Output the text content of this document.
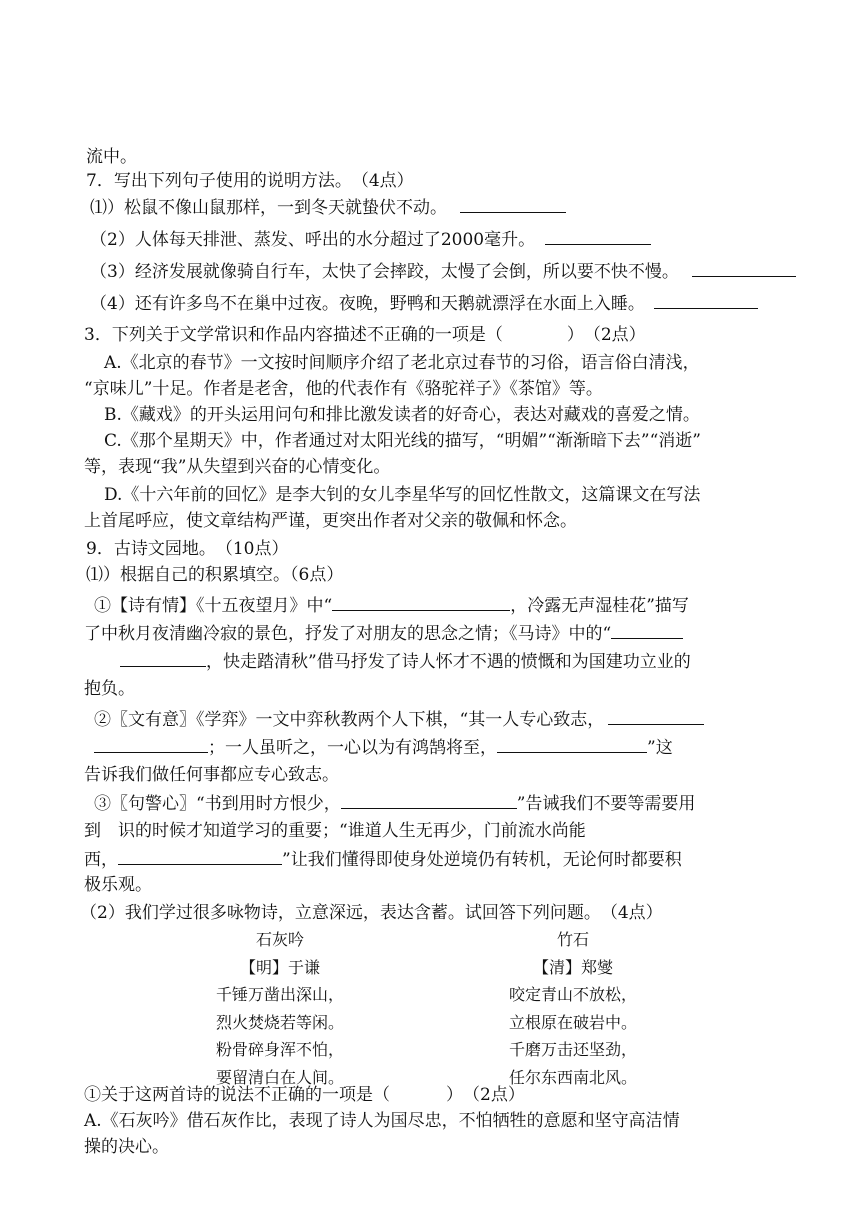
流中。
7．写出下列句子使用的说明方法。　（4点）
⑴）松鼠不像山鼠那样，一到冬天就蛰伏不动。
（2）人体每天排泄、蒸发、呼出的水分超过了2000毫升。
（3）经济发展就像骑自行车，太快了会摔跤，太慢了会倒，所以要不快不慢。
（4）还有许多鸟不在巢中过夜。夜晚，野鸭和天鹅就漂浮在水面上入睡。
3．下列关于文学常识和作品内容描述不正确的一项是（	）　（2点）
A.《北京的春节》一文按时间顺序介绍了老北京过春节的习俗，语言俗白清浅，
“京味儿”十足。作者是老舍，他的代表作有《骆驼祥子》《茶馆》等。
B.《藏戏》的开头运用问句和排比激发读者的好奇心，表达对藏戏的喜爱之情。
C.《那个星期天》中，作者通过对太阳光线的描写，“明媚”“渐渐暗下去”“消逝”
等，表现“我”从失望到兴奋的心情变化。
D.《十六年前的回忆》是李大钊的女儿李星华写的回忆性散文，这篇课文在写法
上首尾呼应，使文章结构严谨，更突出作者对父亲的敬佩和怀念。
9．古诗文园地。　（10点）
⑴）根据自己的积累填空。（6点）
①【诗有情】《十五夜望月》中“	，冷露无声湿桂花”描写
了中秋月夜清幽冷寂的景色，抒发了对朋友的思念之情；《马诗》中的“
，快走踏清秋”借马抒发了诗人怀才不遇的愤慨和为国建功立业的
抱负。
②〖文有意〗《学弈》一文中弈秋教两个人下棋，“其一人专心致志，
；一人虽听之，一心以为有鸿鹄将至，	”这
告诉我们做任何事都应专心致志。
③〖句警心〗“书到用时方恨少，	”告诫我们不要等需要用
到　识的时候才知道学习的重要；“谁道人生无再少，门前流水尚能
西，	”让我们懂得即使身处逆境仍有转机，无论何时都要积
极乐观。
（2）我们学过很多咏物诗，立意深远，表达含蓄。试回答下列问题。　（4点）
石灰吟
【明】于谦
千锤万凿出深山，
烈火焚烧若等闲。
粉骨碎身浑不怕，
要留清白在人间。
竹石
【清】郑燮
咬定青山不放松，
立根原在破岩中。
千磨万击还坚劲，
任尔东西南北风。
①关于这两首诗的说法不正确的一项是（	）　（2点）
A.《石灰吟》借石灰作比，表现了诗人为国尽忠，不怕牺牲的意愿和坚守高洁情
操的决心。
